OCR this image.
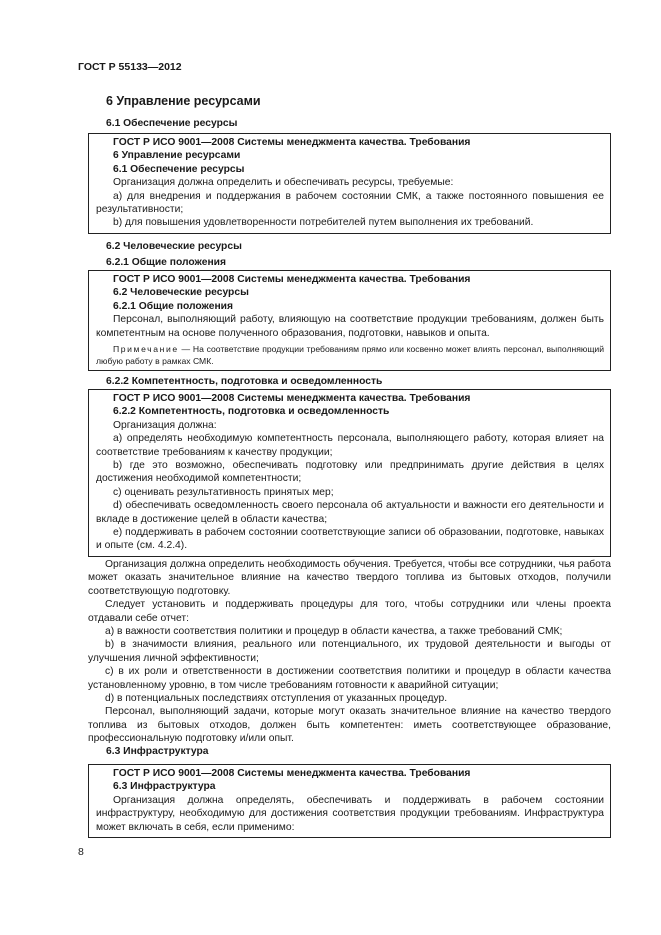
ГОСТ Р 55133—2012
6 Управление ресурсами
6.1 Обеспечение ресурсы

ГОСТ Р ИСО 9001—2008 Системы менеджмента качества. Требования

6 Управление ресурсами

6.1 Обеспечение ресурсы

Организация должна определить и обеспечивать ресурсы, требуемые:

а) для внедрения и поддержания в рабочем состоянии СМК, а также постоянного повышения ее результативности;

b) для повышения удовлетворенности потребителей путем выполнения их требований.

6.2 Человеческие ресурсы
6.2.1 Общие положения

ГОСТ Р ИСО 9001—2008 Системы менеджмента качества. Требования

6.2 Человеческие ресурсы

6.2.1 Общие положения

Персонал, выполняющий работу, влияющую на соответствие продукции требованиям, должен быть компетентным на основе полученного образования, подготовки, навыков и опыта.

Примечание — На соответствие продукции требованиям прямо или косвенно может влиять персонал, выполняющий любую работу в рамках СМК.

6.2.2 Компетентность, подготовка и осведомленность

ГОСТ Р ИСО 9001—2008 Системы менеджмента качества. Требования

6.2.2 Компетентность, подготовка и осведомленность

Организация должна:

а) определять необходимую компетентность персонала, выполняющего работу, которая влияет на соответствие требованиям к качеству продукции;

b) где это возможно, обеспечивать подготовку или предпринимать другие действия в целях достижения необходимой компетентности;

с) оценивать результативность принятых мер;

d) обеспечивать осведомленность своего персонала об актуальности и важности его деятельности и вкладе в достижение целей в области качества;

е) поддерживать в рабочем состоянии соответствующие записи об образовании, подготовке, навыках и опыте (см. 4.2.4).

Организация должна определить необходимость обучения. Требуется, чтобы все сотрудники, чья работа может оказать значительное влияние на качество твердого топлива из бытовых отходов, получили соответствующую подготовку.

Следует установить и поддерживать процедуры для того, чтобы сотрудники или члены проекта отдавали себе отчет:

а) в важности соответствия политики и процедур в области качества, а также требований СМК;

b) в значимости влияния, реального или потенциального, их трудовой деятельности и выгоды от улучшения личной эффективности;

с) в их роли и ответственности в достижении соответствия политики и процедур в области качества установленному уровню, в том числе требованиям готовности к аварийной ситуации;

d) в потенциальных последствиях отступления от указанных процедур.

Персонал, выполняющий задачи, которые могут оказать значительное влияние на качество твердого топлива из бытовых отходов, должен быть компетентен: иметь соответствующее образование, профессиональную подготовку и/или опыт.

6.3 Инфраструктура

ГОСТ Р ИСО 9001—2008 Системы менеджмента качества. Требования

6.3 Инфраструктура

Организация должна определять, обеспечивать и поддерживать в рабочем состоянии инфраструктуру, необходимую для достижения соответствия продукции требованиям. Инфраструктура может включать в себя, если применимо:

8
